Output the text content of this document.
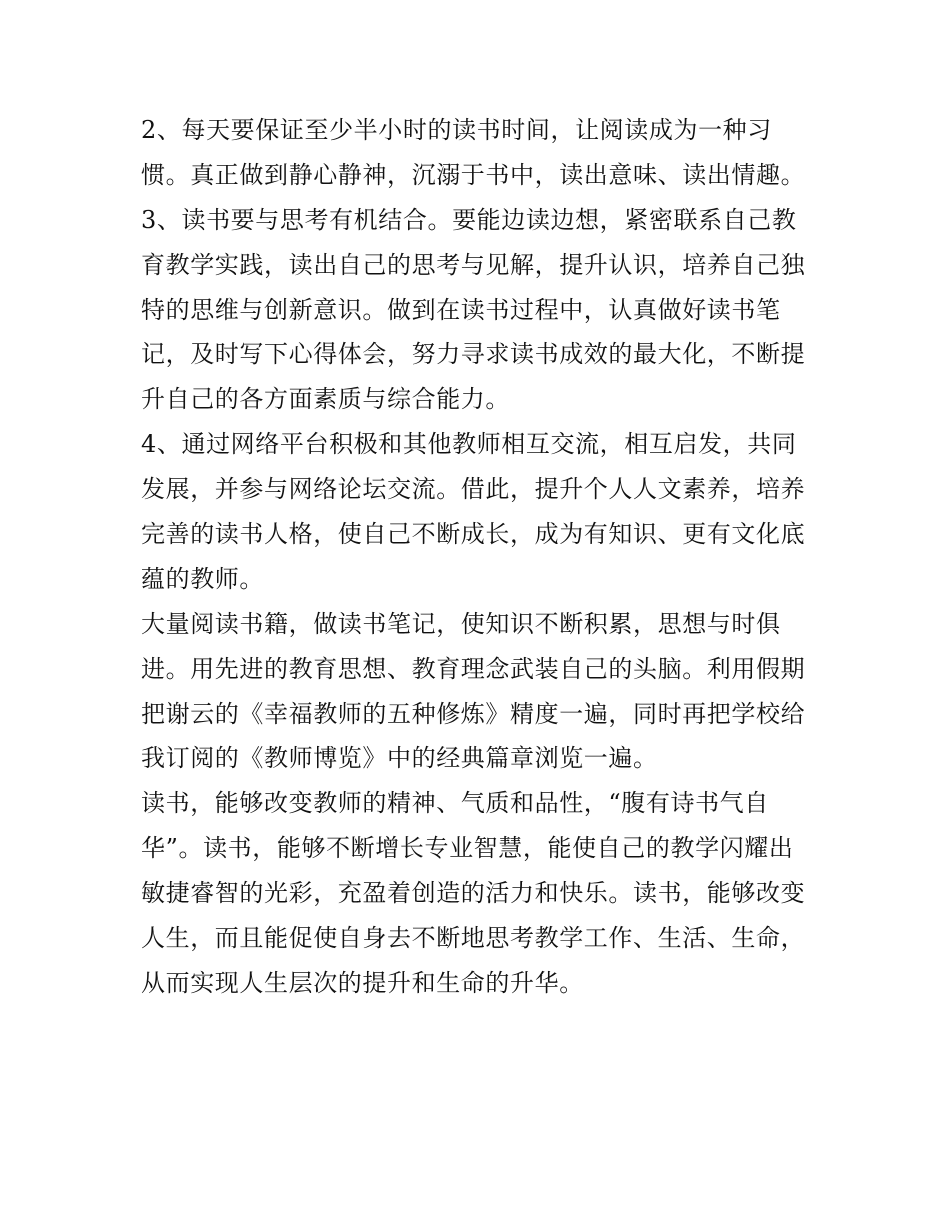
2、每天要保证至少半小时的读书时间，让阅读成为一种习
惯。真正做到静心静神，沉溺于书中，读出意味、读出情趣。
3、读书要与思考有机结合。要能边读边想，紧密联系自己教
育教学实践，读出自己的思考与见解，提升认识，培养自己独
特的思维与创新意识。做到在读书过程中，认真做好读书笔
记，及时写下心得体会，努力寻求读书成效的最大化，不断提
升自己的各方面素质与综合能力。
4、通过网络平台积极和其他教师相互交流，相互启发，共同
发展，并参与网络论坛交流。借此，提升个人人文素养，培养
完善的读书人格，使自己不断成长，成为有知识、更有文化底
蕴的教师。
大量阅读书籍，做读书笔记，使知识不断积累，思想与时俱
进。用先进的教育思想、教育理念武装自己的头脑。利用假期
把谢云的《幸福教师的五种修炼》精度一遍，同时再把学校给
我订阅的《教师博览》中的经典篇章浏览一遍。
读书，能够改变教师的精神、气质和品性，“腹有诗书气自
华”。读书，能够不断增长专业智慧，能使自己的教学闪耀出
敏捷睿智的光彩，充盈着创造的活力和快乐。读书，能够改变
人生，而且能促使自身去不断地思考教学工作、生活、生命，
从而实现人生层次的提升和生命的升华。
